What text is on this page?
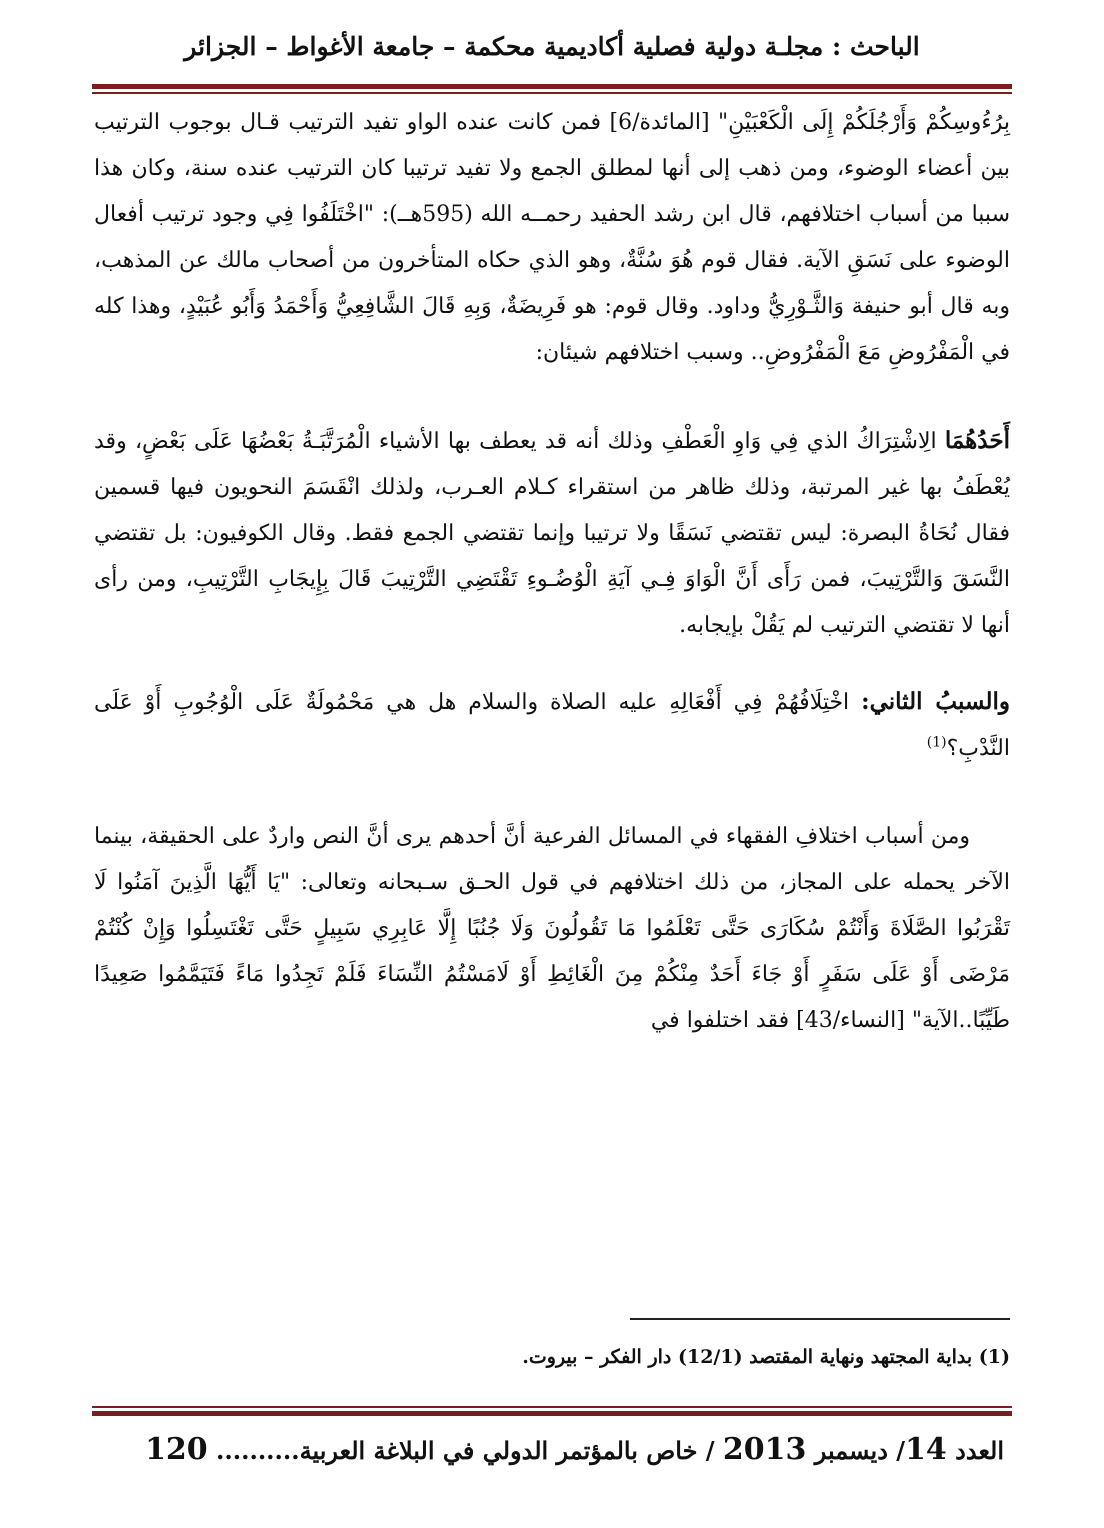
الباحث : مجلـة دولية فصلية أكاديمية محكمة – جامعة الأغواط – الجزائر

بِرُءُوسِكُمْ وَأَرْجُلَكُمْ إِلَى الْكَعْبَيْنِ" [المائدة/6] فمن كانت عنده الواو تفيد الترتيب قـال بوجوب الترتيب بين أعضاء الوضوء، ومن ذهب إلى أنها لمطلق الجمع ولا تفيد ترتيبا كان الترتيب عنده سنة، وكان هذا سببا من أسباب اختلافهم، قال ابن رشد الحفيد رحمــه الله (595هــ): "اخْتَلَفُوا فِي وجود ترتيب أفعال الوضوء على نَسَقِ الآية. فقال قوم هُوَ سُنَّةٌ، وهو الذي حكاه المتأخرون من أصحاب مالك عن المذهب، وبه قال أبو حنيفة وَالثَّـوْرِيُّ وداود. وقال قوم: هو فَرِيضَةٌ، وَبِهِ قَالَ الشَّافِعِيُّ وَأَحْمَدُ وَأَبُو عُبَيْدٍ، وهذا كله في الْمَفْرُوضِ مَعَ الْمَفْرُوضِ.. وسبب اختلافهم شيئان:

أَحَدُهُمَا الِاشْتِرَاكُ الذي فِي وَاوِ الْعَطْفِ وذلك أنه قد يعطف بها الأشياء الْمُرَتَّبَـةُ بَعْضُهَا عَلَى بَعْضٍ، وقد يُعْطَفُ بها غير المرتبة، وذلك ظاهر من استقراء كـلام العـرب، ولذلك انْقَسَمَ النحويون فيها قسمين فقال نُحَاةُ البصرة: ليس تقتضي نَسَقًا ولا ترتيبا وإنما تقتضي الجمع فقط. وقال الكوفيون: بل تقتضي النَّسَقَ وَالتَّرْتِيبَ، فمن رَأَى أَنَّ الْوَاوَ فِـي آيَةِ الْوُضُـوءِ تَقْتَضِي التَّرْتِيبَ قَالَ بِإِيجَابِ التَّرْتِيبِ، ومن رأى أنها لا تقتضي الترتيب لم يَقُلْ بإيجابه.

والسببُ الثاني: اخْتِلَافُهُمْ فِي أَفْعَالِهِ عليه الصلاة والسلام هل هي مَحْمُولَةٌ عَلَى الْوُجُوبِ أَوْ عَلَى النَّدْبِ؟$^{(1)}$

ومن أسباب اختلافِ الفقهاء في المسائل الفرعية أنَّ أحدهم يرى أنَّ النص واردٌ على الحقيقة، بينما الآخر يحمله على المجاز، من ذلك اختلافهم في قول الحـق سـبحانه وتعالى: "يَا أَيُّهَا الَّذِينَ آمَنُوا لَا تَقْرَبُوا الصَّلَاةَ وَأَنْتُمْ سُكَارَى حَتَّى تَعْلَمُوا مَا تَقُولُونَ وَلَا جُنُبًا إِلَّا عَابِرِي سَبِيلٍ حَتَّى تَغْتَسِلُوا وَإِنْ كُنْتُمْ مَرْضَى أَوْ عَلَى سَفَرٍ أَوْ جَاءَ أَحَدٌ مِنْكُمْ مِنَ الْغَائِطِ أَوْ لَامَسْتُمُ النِّسَاءَ فَلَمْ تَجِدُوا مَاءً فَتَيَمَّمُوا صَعِيدًا طَيِّبًا..الآية" [النساء/43] فقد اختلفوا في

(1) بداية المجتهد ونهاية المقتصد (12/1) دار الفكر – بيروت.
العدد 14/ ديسمبر 2013 / خاص بالمؤتمر الدولي في البلاغة العربية.......... 120
